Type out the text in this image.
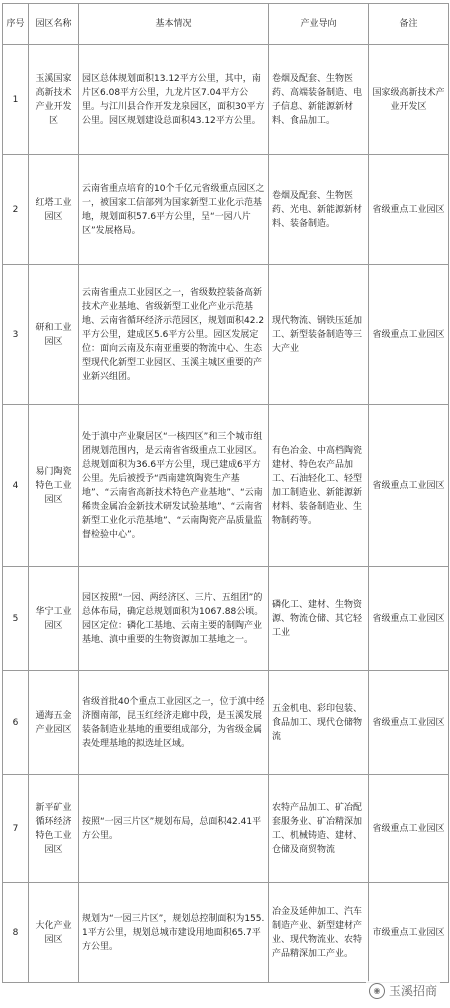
序号	园区名称	基本情况	产业导向	备注
1	玉溪国家高新技术产业开发区	园区总体规划面积13.12平方公里，其中，南片区6.08平方公里，九龙片区7.04平方公里。与江川县合作开发龙泉园区，面积30平方公里。园区规划建设总面积43.12平方公里。	卷烟及配套、生物医药、高端装备制造、电子信息、新能源新材料、食品加工。	国家级高新技术产业开发区
2	红塔工业园区	云南省重点培育的10个千亿元省级重点园区之一，被国家工信部列为国家新型工业化示范基地，规划面积57.6平方公里，呈“一园八片区”发展格局。	卷烟及配套、生物医药、光电、新能源新材料、装备制造。	省级重点工业园区
3	研和工业园区	云南省重点工业园区之一，省级数控装备高新技术产业基地、省级新型工业化产业示范基地、云南省循环经济示范园区，规划面积42.2平方公里，建成区5.6平方公里。园区发展定位：面向云南及东南亚重要的物流中心、生态型现代化新型工业园区、玉溪主城区重要的产业新兴组团。	现代物流、钢铁压延加工、新型装备制造等三大产业	省级重点工业园区
4	易门陶瓷特色工业园区	处于滇中产业聚居区“一核四区”和三个城市组团规划范围内，是云南省省级重点工业园区。总规划面积为36.6平方公里，现已建成6平方公里。先后被授予“西南建筑陶瓷生产基地”、“云南省高新技术特色产业基地”、“云南稀贵金属冶金新技术研发试验基地”、“云南省新型工业化示范基地”、“云南陶瓷产品质量监督检验中心”。	有色冶金、中高档陶瓷建材、特色农产品加工、石油轻化工、轻型加工制造业、新能源新材料、装备制造业、生物制药等。	省级重点工业园区
5	华宁工业园区	园区按照“一园、两经济区、三片、五组团”的总体布局，确定总规划面积为1067.88公顷。园区定位：磷化工基地、云南主要的制陶产业基地、滇中重要的生物资源加工基地之一。	磷化工、建材、生物资源、物流仓储、其它轻工业	省级重点工业园区
6	通海五金产业园区	省级首批40个重点工业园区之一，位于滇中经济圈南部，昆玉红经济走廊中段，是玉溪发展装备制造业基地的重要组成部分，为省级金属表处理基地的拟选址区域。	五金机电、彩印包装、食品加工、现代仓储物流	省级重点工业园区
7	新平矿业循环经济特色工业园区	按照“一园三片区”规划布局，总面积42.41平方公里。	农特产品加工、矿冶配套服务业、矿冶精深加工、机械铸造、建材、仓储及商贸物流	省级重点工业园区
8	大化产业园区	规划为“一园三片区”，规划总控制面积为155.1平方公里，规划总城市建设用地面积65.7平方公里。	冶金及延伸加工、汽车制造产业、新型建材产业、现代物流业、农特产品精深加工产业。	市级重点工业园区
◉ 玉溪招商
